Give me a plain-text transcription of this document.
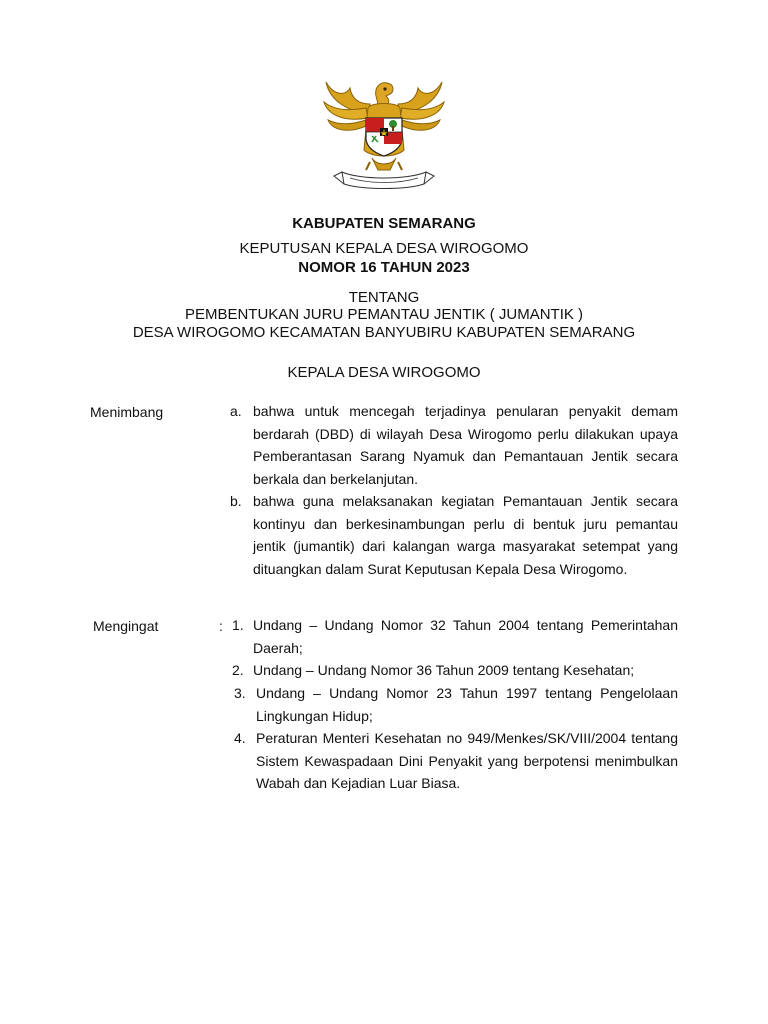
KABUPATEN SEMARANG
KEPUTUSAN KEPALA DESA WIROGOMO
NOMOR 16 TAHUN 2023
TENTANG
PEMBENTUKAN JURU PEMANTAU JENTIK ( JUMANTIK )
DESA WIROGOMO KECAMATAN BANYUBIRU KABUPATEN SEMARANG
KEPALA DESA WIROGOMO
Menimbang	a. bahwa untuk mencegah terjadinya penularan penyakit demam berdarah (DBD) di wilayah Desa Wirogomo perlu dilakukan upaya Pemberantasan Sarang Nyamuk dan Pemantauan Jentik secara berkala dan berkelanjutan.
b. bahwa guna melaksanakan kegiatan Pemantauan Jentik secara kontinyu dan berkesinambungan perlu di bentuk juru pemantau jentik (jumantik) dari kalangan warga masyarakat setempat yang dituangkan dalam Surat Keputusan Kepala Desa Wirogomo.
Mengingat	: 1. Undang – Undang Nomor 32 Tahun 2004 tentang Pemerintahan Daerah;
2. Undang – Undang Nomor 36 Tahun 2009 tentang Kesehatan;
3. Undang – Undang Nomor 23 Tahun 1997 tentang Pengelolaan Lingkungan Hidup;
4. Peraturan Menteri Kesehatan no 949/Menkes/SK/VIII/2004 tentang Sistem Kewaspadaan Dini Penyakit yang berpotensi menimbulkan Wabah dan Kejadian Luar Biasa.
